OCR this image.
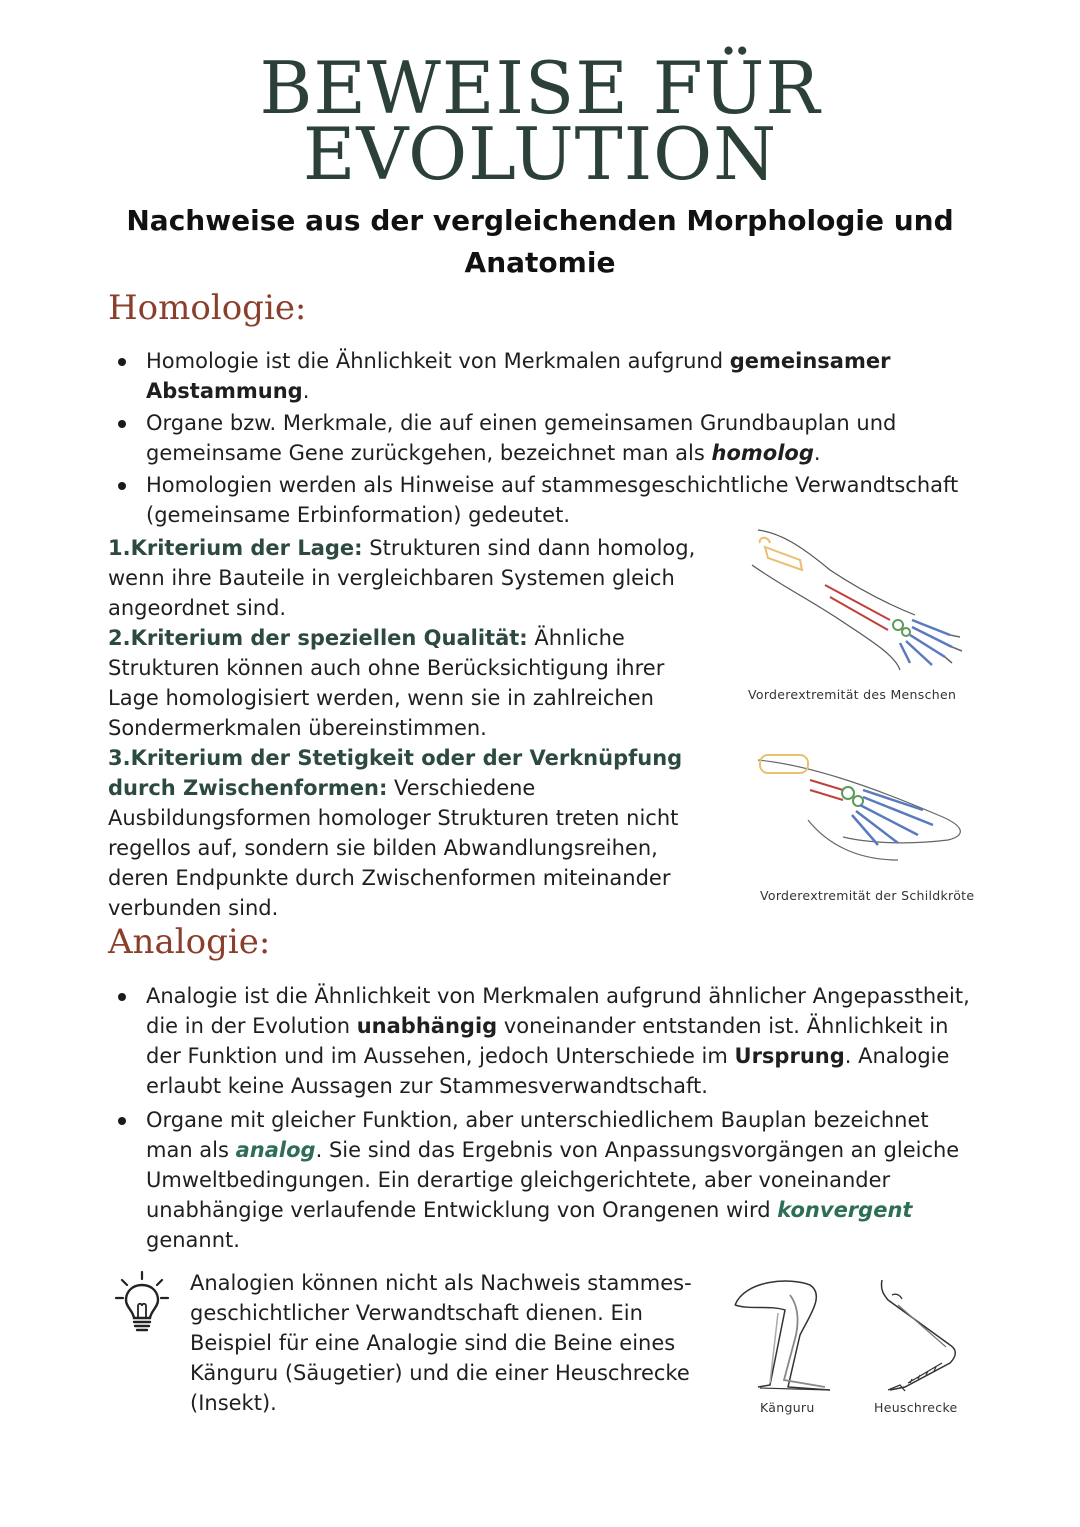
BEWEISE FÜR
EVOLUTION
Nachweise aus der vergleichenden Morphologie und
Anatomie
Homologie:
Homologie ist die Ähnlichkeit von Merkmalen aufgrund gemeinsamer Abstammung.
Organe bzw. Merkmale, die auf einen gemeinsamen Grundbauplan und gemeinsame Gene zurückgehen, bezeichnet man als homolog.
Homologien werden als Hinweise auf stammesgeschichtliche Verwandtschaft (gemeinsame Erbinformation) gedeutet.
1.Kriterium der Lage: Strukturen sind dann homolog, wenn ihre Bauteile in vergleichbaren Systemen gleich angeordnet sind.
2.Kriterium der speziellen Qualität: Ähnliche Strukturen können auch ohne Berücksichtigung ihrer Lage homologisiert werden, wenn sie in zahlreichen Sondermerkmalen übereinstimmen.
3.Kriterium der Stetigkeit oder der Verknüpfung durch Zwischenformen: Verschiedene Ausbildungsformen homologer Strukturen treten nicht regellos auf, sondern sie bilden Abwandlungsreihen, deren Endpunkte durch Zwischenformen miteinander verbunden sind.
Vorderextremität des Menschen
Vorderextremität der Schildkröte
Analogie:
Analogie ist die Ähnlichkeit von Merkmalen aufgrund ähnlicher Angepasstheit, die in der Evolution unabhängig voneinander entstanden ist. Ähnlichkeit in der Funktion und im Aussehen, jedoch Unterschiede im Ursprung. Analogie erlaubt keine Aussagen zur Stammesverwandtschaft.
Organe mit gleicher Funktion, aber unterschiedlichem Bauplan bezeichnet man als analog. Sie sind das Ergebnis von Anpassungsvorgängen an gleiche Umweltbedingungen. Ein derartige gleichgerichtete, aber voneinander unabhängige verlaufende Entwicklung von Orangenen wird konvergent genannt.
Analogien können nicht als Nachweis stammes-geschichtlicher Verwandtschaft dienen. Ein Beispiel für eine Analogie sind die Beine eines Känguru (Säugetier) und die einer Heuschrecke (Insekt).	Känguru	Heuschrecke
